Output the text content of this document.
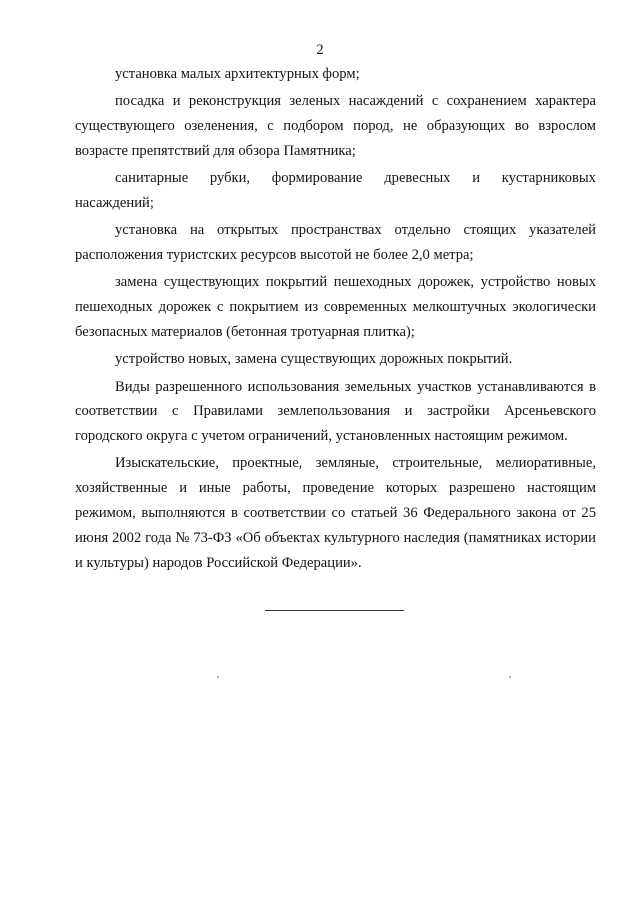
2

установка малых архитектурных форм;

посадка и реконструкция зеленых насаждений с сохранением характера существующего озеленения, с подбором пород, не образующих во взрослом возрасте препятствий для обзора Памятника;

санитарные рубки, формирование древесных и кустарниковых

насаждений;

установка на открытых пространствах отдельно стоящих указателей расположения туристских ресурсов высотой не более 2,0 метра;

замена существующих покрытий пешеходных дорожек, устройство новых пешеходных дорожек с покрытием из современных мелкоштучных экологически безопасных материалов (бетонная тротуарная плитка);

устройство новых, замена существующих дорожных покрытий.

Виды разрешенного использования земельных участков устанавливаются в соответствии с Правилами землепользования и застройки Арсеньевского городского округа с учетом ограничений, установленных настоящим режимом.

Изыскательские, проектные, земляные, строительные, мелиоративные, хозяйственные и иные работы, проведение которых разрешено настоящим режимом, выполняются в соответствии со статьей 36 Федерального закона от 25 июня 2002 года № 73-ФЗ «Об объектах культурного наследия (памятниках истории и культуры) народов Российской Федерации».
